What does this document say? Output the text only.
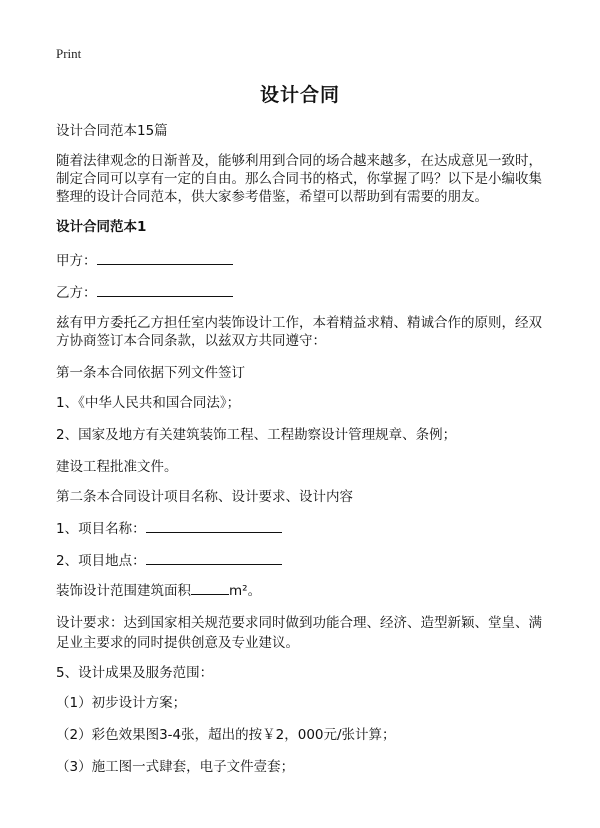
Print
设计合同
设计合同范本15篇
随着法律观念的日渐普及，能够利用到合同的场合越来越多，在达成意见一致时，
制定合同可以享有一定的自由。那么合同书的格式，你掌握了吗？以下是小编收集
整理的设计合同范本，供大家参考借鉴，希望可以帮助到有需要的朋友。
设计合同范本1
甲方：
乙方：
兹有甲方委托乙方担任室内装饰设计工作，本着精益求精、精诚合作的原则，经双
方协商签订本合同条款，以兹双方共同遵守：
第一条本合同依据下列文件签订
1、《中华人民共和国合同法》；
2、国家及地方有关建筑装饰工程、工程勘察设计管理规章、条例；
建设工程批准文件。
第二条本合同设计项目名称、设计要求、设计内容
1、项目名称：
2、项目地点：
装饰设计范围建筑面积	m²。
设计要求：达到国家相关规范要求同时做到功能合理、经济、造型新颖、堂皇、满
足业主要求的同时提供创意及专业建议。
5、设计成果及服务范围：
（1）初步设计方案；
（2）彩色效果图3-4张，超出的按￥2，000元/张计算；
（3）施工图一式肆套，电子文件壹套；
